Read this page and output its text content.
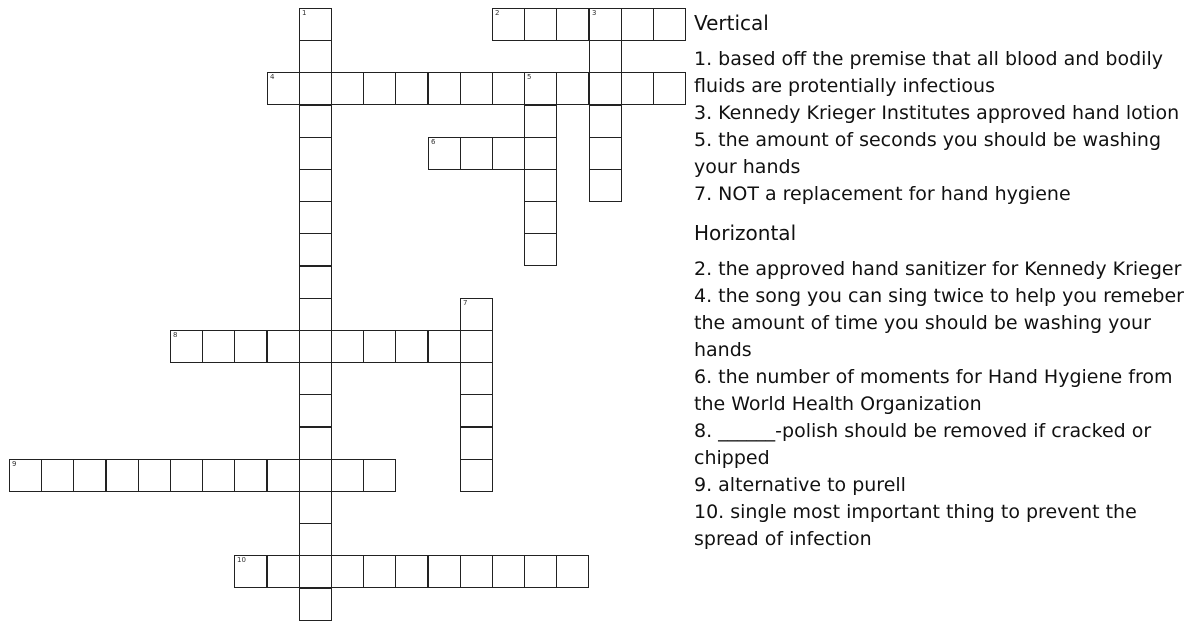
1	2	3
4	5
6
7
8
9
10
Vertical
1. based off the premise that all blood and bodily fluids are protentially infectious
3. Kennedy Krieger Institutes approved hand lotion
5. the amount of seconds you should be washing your hands
7. NOT a replacement for hand hygiene
Horizontal
2. the approved hand sanitizer for Kennedy Krieger
4. the song you can sing twice to help you remeber the amount of time you should be washing your hands
6. the number of moments for Hand Hygiene from the World Health Organization
8. ______-polish should be removed if cracked or chipped
9. alternative to purell
10. single most important thing to prevent the spread of infection
